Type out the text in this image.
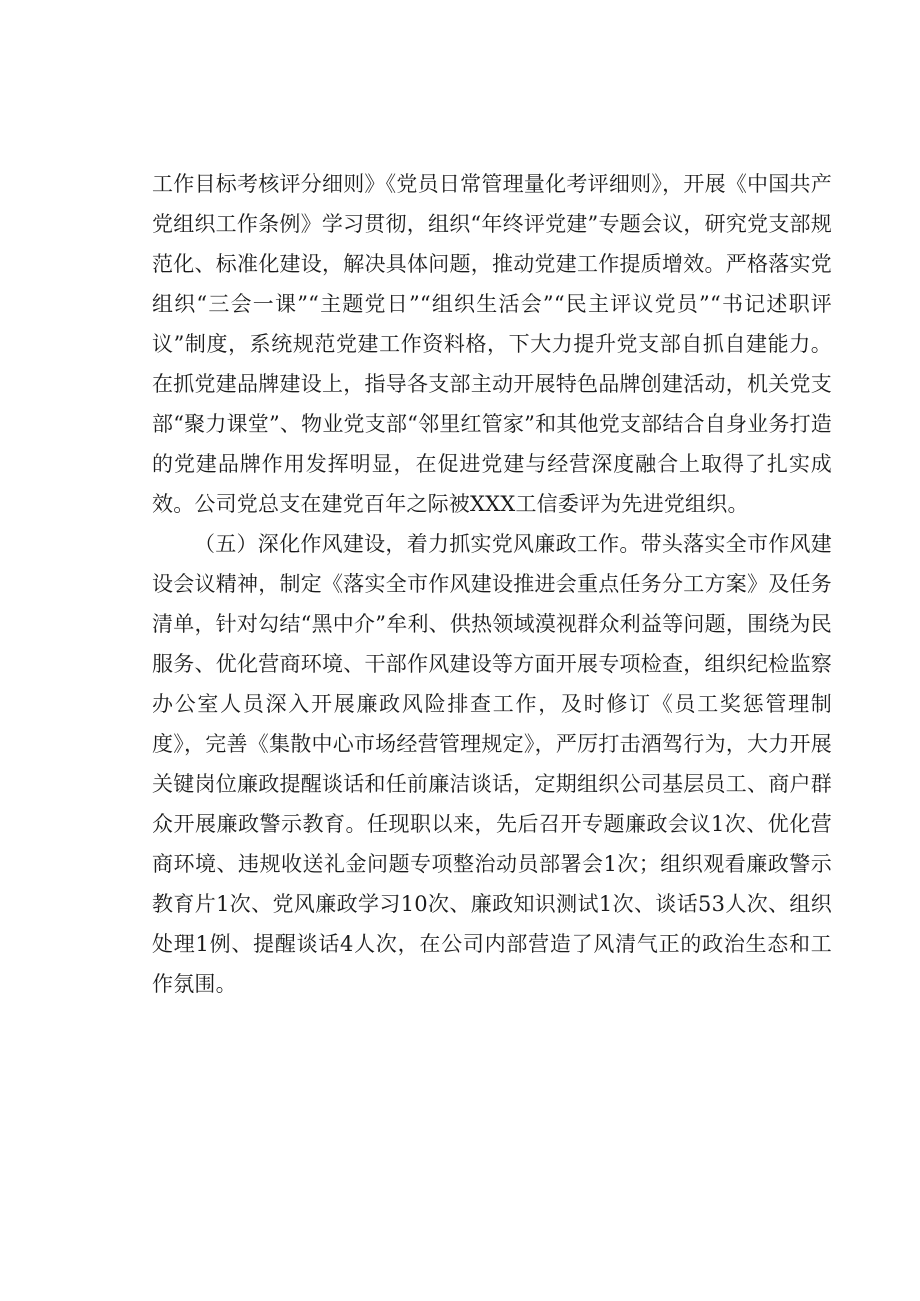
工作目标考核评分细则》《党员日常管理量化考评细则》，开展《中国共产党组织工作条例》学习贯彻，组织“年终评党建”专题会议，研究党支部规范化、标准化建设，解决具体问题，推动党建工作提质增效。严格落实党组织“三会一课”“主题党日”“组织生活会”“民主评议党员”“书记述职评议”制度，系统规范党建工作资料格，下大力提升党支部自抓自建能力。在抓党建品牌建设上，指导各支部主动开展特色品牌创建活动，机关党支部“聚力课堂”、物业党支部“邻里红管家”和其他党支部结合自身业务打造的党建品牌作用发挥明显，在促进党建与经营深度融合上取得了扎实成效。公司党总支在建党百年之际被XXX工信委评为先进党组织。

（五）深化作风建设，着力抓实党风廉政工作。带头落实全市作风建设会议精神，制定《落实全市作风建设推进会重点任务分工方案》及任务清单，针对勾结“黑中介”牟利、供热领域漠视群众利益等问题，围绕为民服务、优化营商环境、干部作风建设等方面开展专项检查，组织纪检监察办公室人员深入开展廉政风险排查工作，及时修订《员工奖惩管理制度》，完善《集散中心市场经营管理规定》，严厉打击酒驾行为，大力开展关键岗位廉政提醒谈话和任前廉洁谈话，定期组织公司基层员工、商户群众开展廉政警示教育。任现职以来，先后召开专题廉政会议1次、优化营商环境、违规收送礼金问题专项整治动员部署会1次；组织观看廉政警示教育片1次、党风廉政学习10次、廉政知识测试1次、谈话53人次、组织处理1例、提醒谈话4人次，在公司内部营造了风清气正的政治生态和工作氛围。
